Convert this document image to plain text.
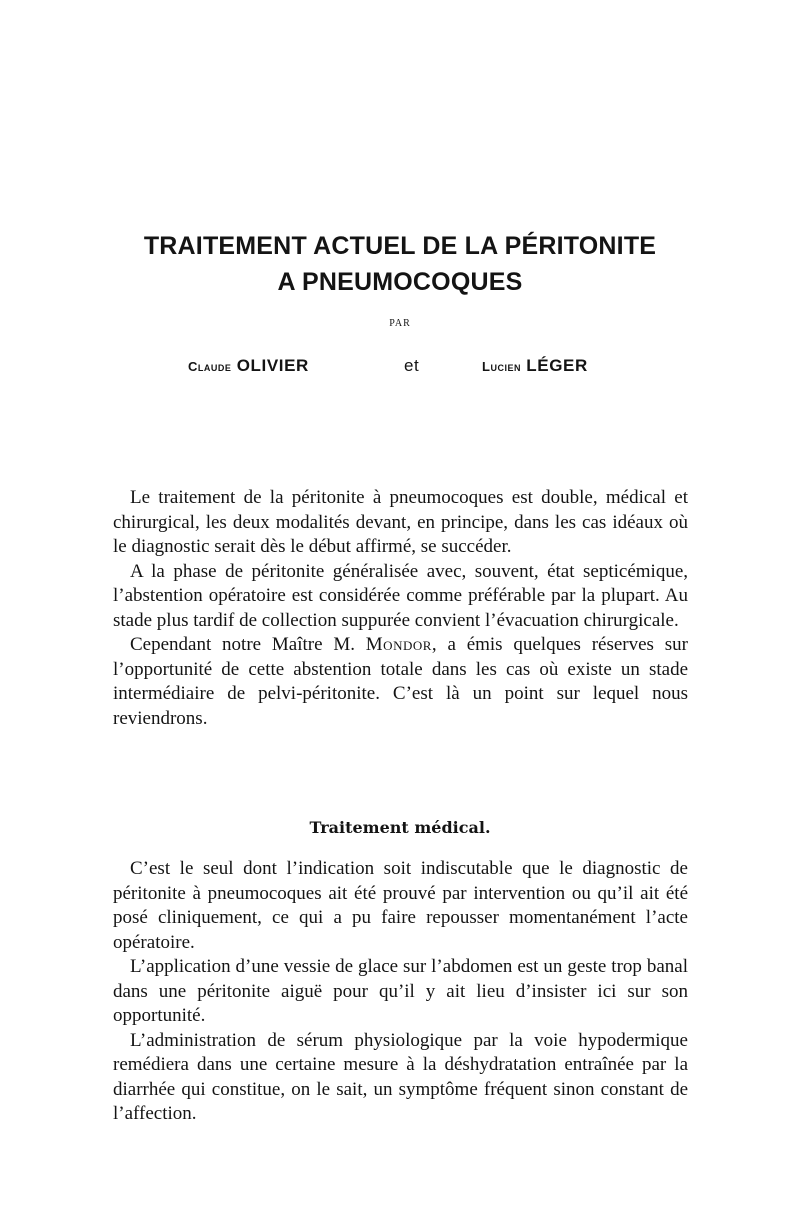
TRAITEMENT ACTUEL DE LA PÉRITONITE
A PNEUMOCOQUES
PAR
Claude OLIVIER	et	Lucien LÉGER

Le traitement de la péritonite à pneumocoques est double, médical et chirurgical, les deux modalités devant, en principe, dans les cas idéaux où le diagnostic serait dès le début affirmé, se succéder.

A la phase de péritonite généralisée avec, souvent, état septicémique, l’abstention opératoire est considérée comme préférable par la plupart. Au stade plus tardif de collection suppurée convient l’évacuation chirurgicale.

Cependant notre Maître M. Mondor, a émis quelques réserves sur l’opportunité de cette abstention totale dans les cas où existe un stade intermédiaire de pelvi-péritonite. C’est là un point sur lequel nous reviendrons.

Traitement médical.

C’est le seul dont l’indication soit indiscutable que le diagnostic de péritonite à pneumocoques ait été prouvé par intervention ou qu’il ait été posé cliniquement, ce qui a pu faire repousser momentanément l’acte opératoire.

L’application d’une vessie de glace sur l’abdomen est un geste trop banal dans une péritonite aiguë pour qu’il y ait lieu d’insister ici sur son opportunité.

L’administration de sérum physiologique par la voie hypodermique remédiera dans une certaine mesure à la déshydratation entraînée par la diarrhée qui constitue, on le sait, un symptôme fréquent sinon constant de l’affection.
